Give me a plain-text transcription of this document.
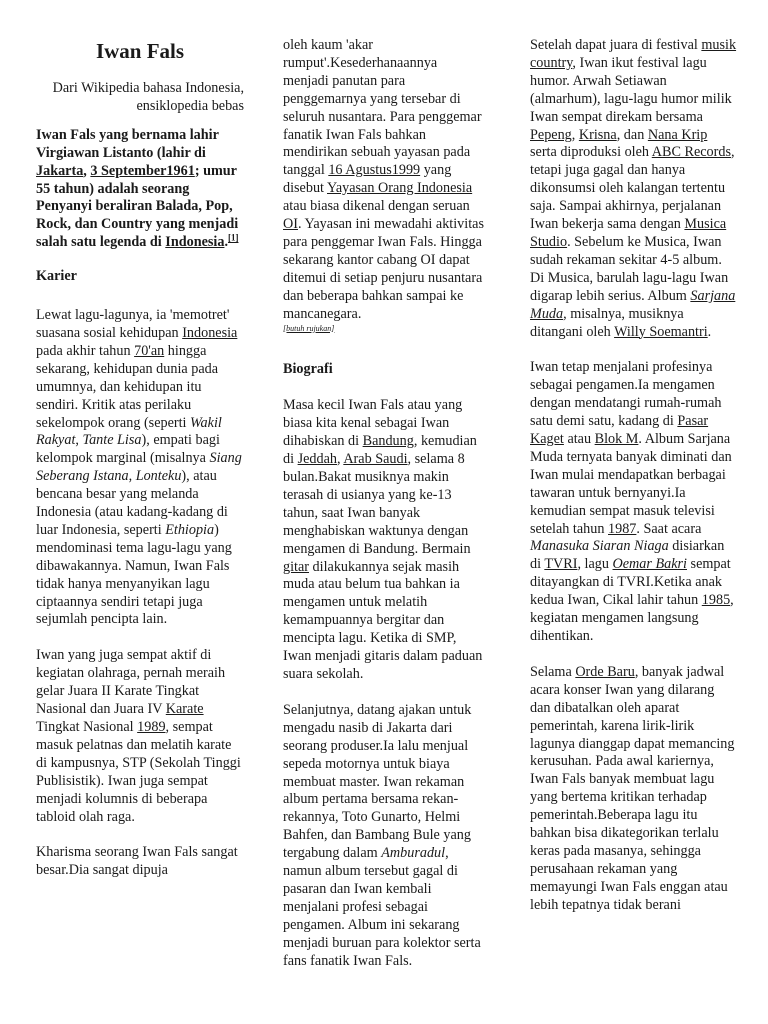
Iwan Fals

Dari Wikipedia bahasa Indonesia, ensiklopedia bebas

Iwan Fals yang bernama lahir Virgiawan Listanto (lahir di Jakarta, 3 September1961; umur 55 tahun) adalah seorang Penyanyi beraliran Balada, Pop, Rock, dan Country yang menjadi salah satu legenda di Indonesia.[1]

Karier

Lewat lagu-lagunya, ia 'memotret' suasana sosial kehidupan Indonesia pada akhir tahun 70'an hingga sekarang, kehidupan dunia pada umumnya, dan kehidupan itu sendiri. Kritik atas perilaku sekelompok orang (seperti Wakil Rakyat, Tante Lisa), empati bagi kelompok marginal (misalnya Siang Seberang Istana, Lonteku), atau bencana besar yang melanda Indonesia (atau kadang-kadang di luar Indonesia, seperti Ethiopia) mendominasi tema lagu-lagu yang dibawakannya. Namun, Iwan Fals tidak hanya menyanyikan lagu ciptaannya sendiri tetapi juga sejumlah pencipta lain.

Iwan yang juga sempat aktif di kegiatan olahraga, pernah meraih gelar Juara II Karate Tingkat Nasional dan Juara IV Karate Tingkat Nasional 1989, sempat masuk pelatnas dan melatih karate di kampusnya, STP (Sekolah Tinggi Publisistik). Iwan juga sempat menjadi kolumnis di beberapa tabloid olah raga.

Kharisma seorang Iwan Fals sangat besar.Dia sangat dipuja

oleh kaum 'akar rumput'.Kesederhanaannya menjadi panutan para penggemarnya yang tersebar di seluruh nusantara. Para penggemar fanatik Iwan Fals bahkan mendirikan sebuah yayasan pada tanggal 16 Agustus1999 yang disebut Yayasan Orang Indonesia atau biasa dikenal dengan seruan OI. Yayasan ini mewadahi aktivitas para penggemar Iwan Fals. Hingga sekarang kantor cabang OI dapat ditemui di setiap penjuru nusantara dan beberapa bahkan sampai ke mancanegara.

[butuh rujukan]

Biografi

Masa kecil Iwan Fals atau yang biasa kita kenal sebagai Iwan dihabiskan di Bandung, kemudian di Jeddah, Arab Saudi, selama 8 bulan.Bakat musiknya makin terasah di usianya yang ke-13 tahun, saat Iwan banyak menghabiskan waktunya dengan mengamen di Bandung. Bermain gitar dilakukannya sejak masih muda atau belum tua bahkan ia mengamen untuk melatih kemampuannya bergitar dan mencipta lagu. Ketika di SMP, Iwan menjadi gitaris dalam paduan suara sekolah.

Selanjutnya, datang ajakan untuk mengadu nasib di Jakarta dari seorang produser.Ia lalu menjual sepeda motornya untuk biaya membuat master. Iwan rekaman album pertama bersama rekan-rekannya, Toto Gunarto, Helmi Bahfen, dan Bambang Bule yang tergabung dalam Amburadul, namun album tersebut gagal di pasaran dan Iwan kembali menjalani profesi sebagai pengamen. Album ini sekarang menjadi buruan para kolektor serta fans fanatik Iwan Fals.

Setelah dapat juara di festival musik country, Iwan ikut festival lagu humor. Arwah Setiawan (almarhum), lagu-lagu humor milik Iwan sempat direkam bersama Pepeng, Krisna, dan Nana Krip serta diproduksi oleh ABC Records, tetapi juga gagal dan hanya dikonsumsi oleh kalangan tertentu saja. Sampai akhirnya, perjalanan Iwan bekerja sama dengan Musica Studio. Sebelum ke Musica, Iwan sudah rekaman sekitar 4-5 album. Di Musica, barulah lagu-lagu Iwan digarap lebih serius. Album Sarjana Muda, misalnya, musiknya ditangani oleh Willy Soemantri.

Iwan tetap menjalani profesinya sebagai pengamen.Ia mengamen dengan mendatangi rumah-rumah satu demi satu, kadang di Pasar Kaget atau Blok M. Album Sarjana Muda ternyata banyak diminati dan Iwan mulai mendapatkan berbagai tawaran untuk bernyanyi.Ia kemudian sempat masuk televisi setelah tahun 1987. Saat acara Manasuka Siaran Niaga disiarkan di TVRI, lagu Oemar Bakri sempat ditayangkan di TVRI.Ketika anak kedua Iwan, Cikal lahir tahun 1985, kegiatan mengamen langsung dihentikan.

Selama Orde Baru, banyak jadwal acara konser Iwan yang dilarang dan dibatalkan oleh aparat pemerintah, karena lirik-lirik lagunya dianggap dapat memancing kerusuhan. Pada awal kariernya, Iwan Fals banyak membuat lagu yang bertema kritikan terhadap pemerintah.Beberapa lagu itu bahkan bisa dikategorikan terlalu keras pada masanya, sehingga perusahaan rekaman yang memayungi Iwan Fals enggan atau lebih tepatnya tidak berani
